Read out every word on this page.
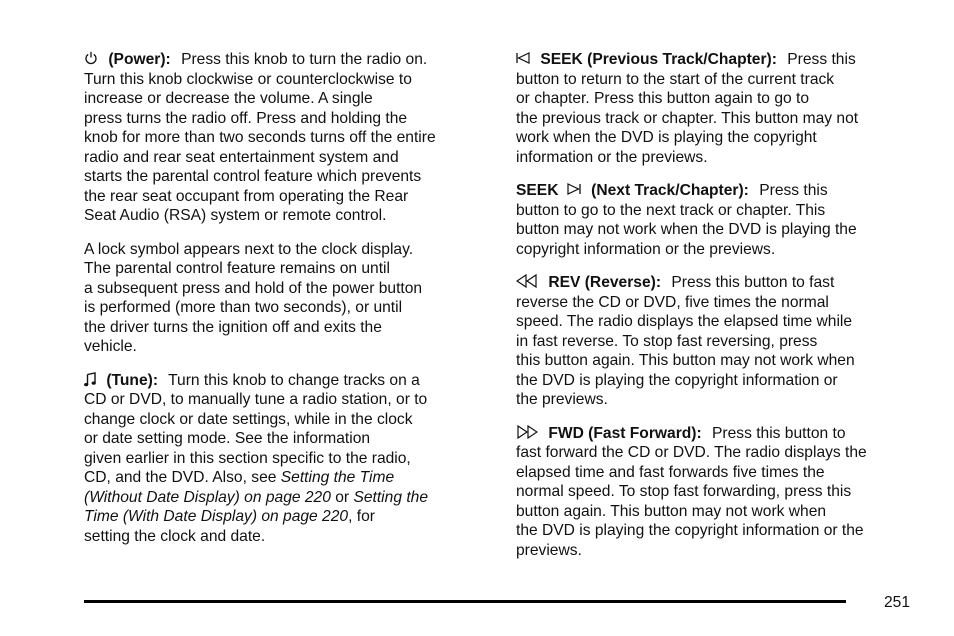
(Power): Press this knob to turn the radio on.
Turn this knob clockwise or counterclockwise to
increase or decrease the volume. A single
press turns the radio off. Press and holding the
knob for more than two seconds turns off the entire
radio and rear seat entertainment system and
starts the parental control feature which prevents
the rear seat occupant from operating the Rear
Seat Audio (RSA) system or remote control.
A lock symbol appears next to the clock display.
The parental control feature remains on until
a subsequent press and hold of the power button
is performed (more than two seconds), or until
the driver turns the ignition off and exits the
vehicle.
(Tune): Turn this knob to change tracks on a
CD or DVD, to manually tune a radio station, or to
change clock or date settings, while in the clock
or date setting mode. See the information
given earlier in this section specific to the radio,
CD, and the DVD. Also, see Setting the Time
(Without Date Display) on page 220 or Setting the
Time (With Date Display) on page 220, for
setting the clock and date.
SEEK (Previous Track/Chapter): Press this
button to return to the start of the current track
or chapter. Press this button again to go to
the previous track or chapter. This button may not
work when the DVD is playing the copyright
information or the previews.
SEEK (Next Track/Chapter): Press this
button to go to the next track or chapter. This
button may not work when the DVD is playing the
copyright information or the previews.
REV (Reverse): Press this button to fast
reverse the CD or DVD, five times the normal
speed. The radio displays the elapsed time while
in fast reverse. To stop fast reversing, press
this button again. This button may not work when
the DVD is playing the copyright information or
the previews.
FWD (Fast Forward): Press this button to
fast forward the CD or DVD. The radio displays the
elapsed time and fast forwards five times the
normal speed. To stop fast forwarding, press this
button again. This button may not work when
the DVD is playing the copyright information or the
previews.
251
